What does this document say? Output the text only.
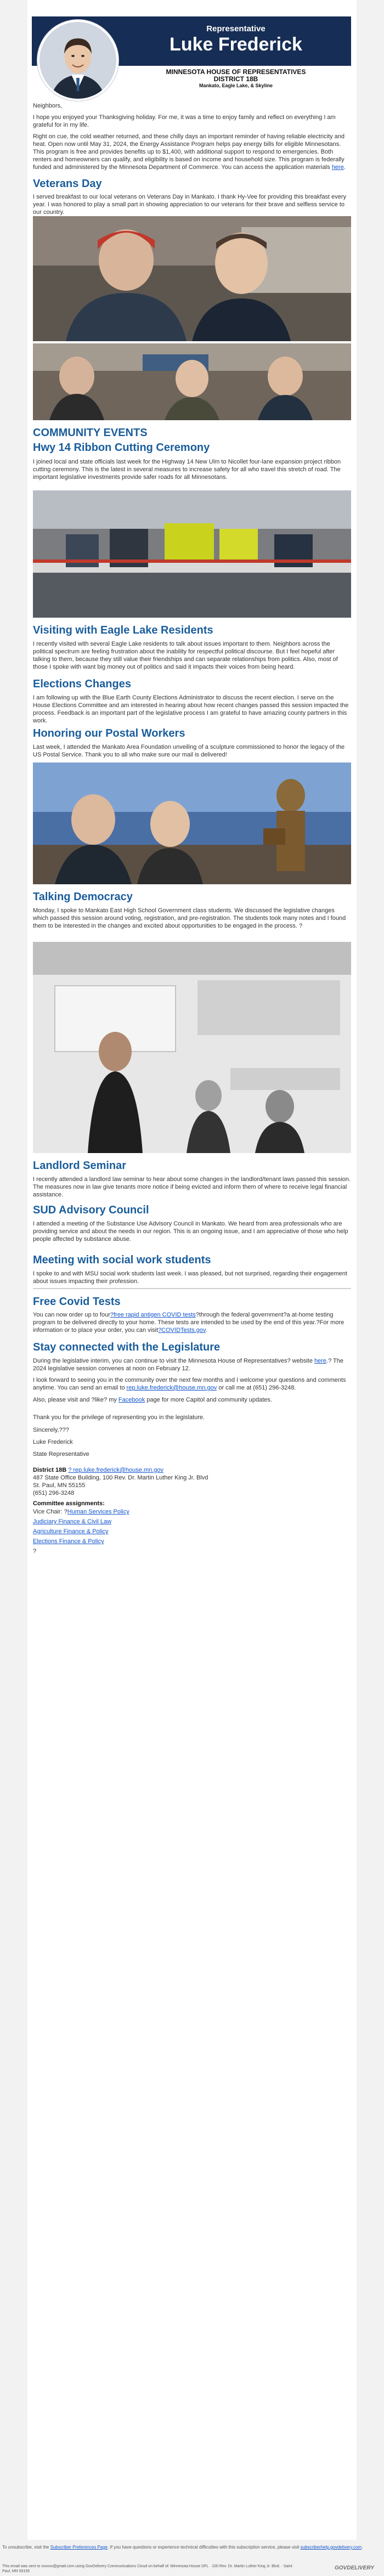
Representative
Luke Frederick
MINNESOTA HOUSE OF REPRESENTATIVES
DISTRICT 18B
Mankato, Eagle Lake, & Skyline

Neighbors,

I hope you enjoyed your Thanksgiving holiday. For me, it was a time to enjoy family and reflect on everything I am grateful for in my life.

Right on cue, the cold weather returned, and these chilly days an important reminder of having reliable electricity and heat. Open now until May 31, 2024, the Energy Assistance Program helps pay energy bills for eligible Minnesotans. This program is free and provides benefits up to $1,400, with additional support to respond to emergencies. Both renters and homeowners can qualify, and eligibility is based on income and household size. This program is federally funded and administered by the Minnesota Department of Commerce. You can access the application materials here.

Veterans Day

I served breakfast to our local veterans on Veterans Day in Mankato. I thank Hy-Vee for providing this breakfast every year. I was honored to play a small part in showing appreciation to our veterans for their brave and selfless service to our country.

COMMUNITY EVENTS
Hwy 14 Ribbon Cutting Ceremony

I joined local and state officials last week for the Highway 14 New Ulm to Nicollet four-lane expansion project ribbon cutting ceremony. This is the latest in several measures to increase safety for all who travel this stretch of road. The important legislative investments provide safer roads for all Minnesotans.

Visiting with Eagle Lake Residents

I recently visited with several Eagle Lake residents to talk about issues important to them. Neighbors across the political spectrum are feeling frustration about the inability for respectful political discourse. But I feel hopeful after talking to them, because they still value their friendships and can separate relationships from politics. Also, most of those I spoke with want big money out of politics and said it impacts their voices from being heard.

Elections Changes

I am following up with the Blue Earth County Elections Administrator to discuss the recent election. I serve on the House Elections Committee and am interested in hearing about how recent changes passed this session impacted the process. Feedback is an important part of the legislative process I am grateful to have amazing county partners in this work.

Honoring our Postal Workers

Last week, I attended the Mankato Area Foundation unveiling of a sculpture commissioned to honor the legacy of the US Postal Service. Thank you to all who make sure our mail is delivered!

Talking Democracy

Monday, I spoke to Mankato East High School Government class students. We discussed the legislative changes which passed this session around voting, registration, and pre-registration. The students took many notes and I found them to be interested in the changes and excited about opportunities to be engaged in the process. ?

Landlord Seminar

I recently attended a landlord law seminar to hear about some changes in the landlord/tenant laws passed this session. The measures now in law give tenants more notice if being evicted and inform them of where to receive legal financial assistance.

SUD Advisory Council

I attended a meeting of the Substance Use Advisory Council in Mankato. We heard from area professionals who are providing service and about the needs in our region. This is an ongoing issue, and I am appreciative of those who help people affected by substance abuse.

Meeting with social work students

I spoke to and with MSU social work students last week. I was pleased, but not surprised, regarding their engagement about issues impacting their profession.

Free Covid Tests

You can now order up to four?free rapid antigen COVID tests?through the federal government?a at-home testing program to be delivered directly to your home. These tests are intended to be used by the end of this year.?For more information or to place your order, you can visit?COVIDTests.gov.

Stay connected with the Legislature

During the legislative interim, you can continue to visit the Minnesota House of Representatives? website here.? The 2024 legislative session convenes at noon on February 12.

I look forward to seeing you in the community over the next few months and I welcome your questions and comments anytime. You can send an email to rep.luke.frederick@house.mn.gov or call me at (651) 296-3248.

Also, please visit and ?like? my Facebook page for more Capitol and community updates.

Thank you for the privilege of representing you in the legislature.

Sincerely,???

Luke Frederick

State Representative

District 18B ? rep.luke.frederick@house.mn.gov

487 State Office Building, 100 Rev. Dr. Martin Luther King Jr. Blvd

St. Paul, MN 55155

(651) 296-3248

Committee assignments:

Vice Chair: ?Human Services Policy

Judiciary Finance & Civil Law

Agriculture Finance & Policy

Elections Finance & Policy

?

To unsubscribe, visit the Subscriber Preferences Page. If you have questions or experience technical difficulties with this subscription service, please visit subscriberhelp.govdelivery.com.
This email was sent to xxxxxx@gmail.com using GovDelivery Communications Cloud on behalf of: Minnesota House DFL · 100 Rev. Dr. Martin Luther King Jr. Blvd. · Saint Paul, MN 55155
GOVDELIVERY
